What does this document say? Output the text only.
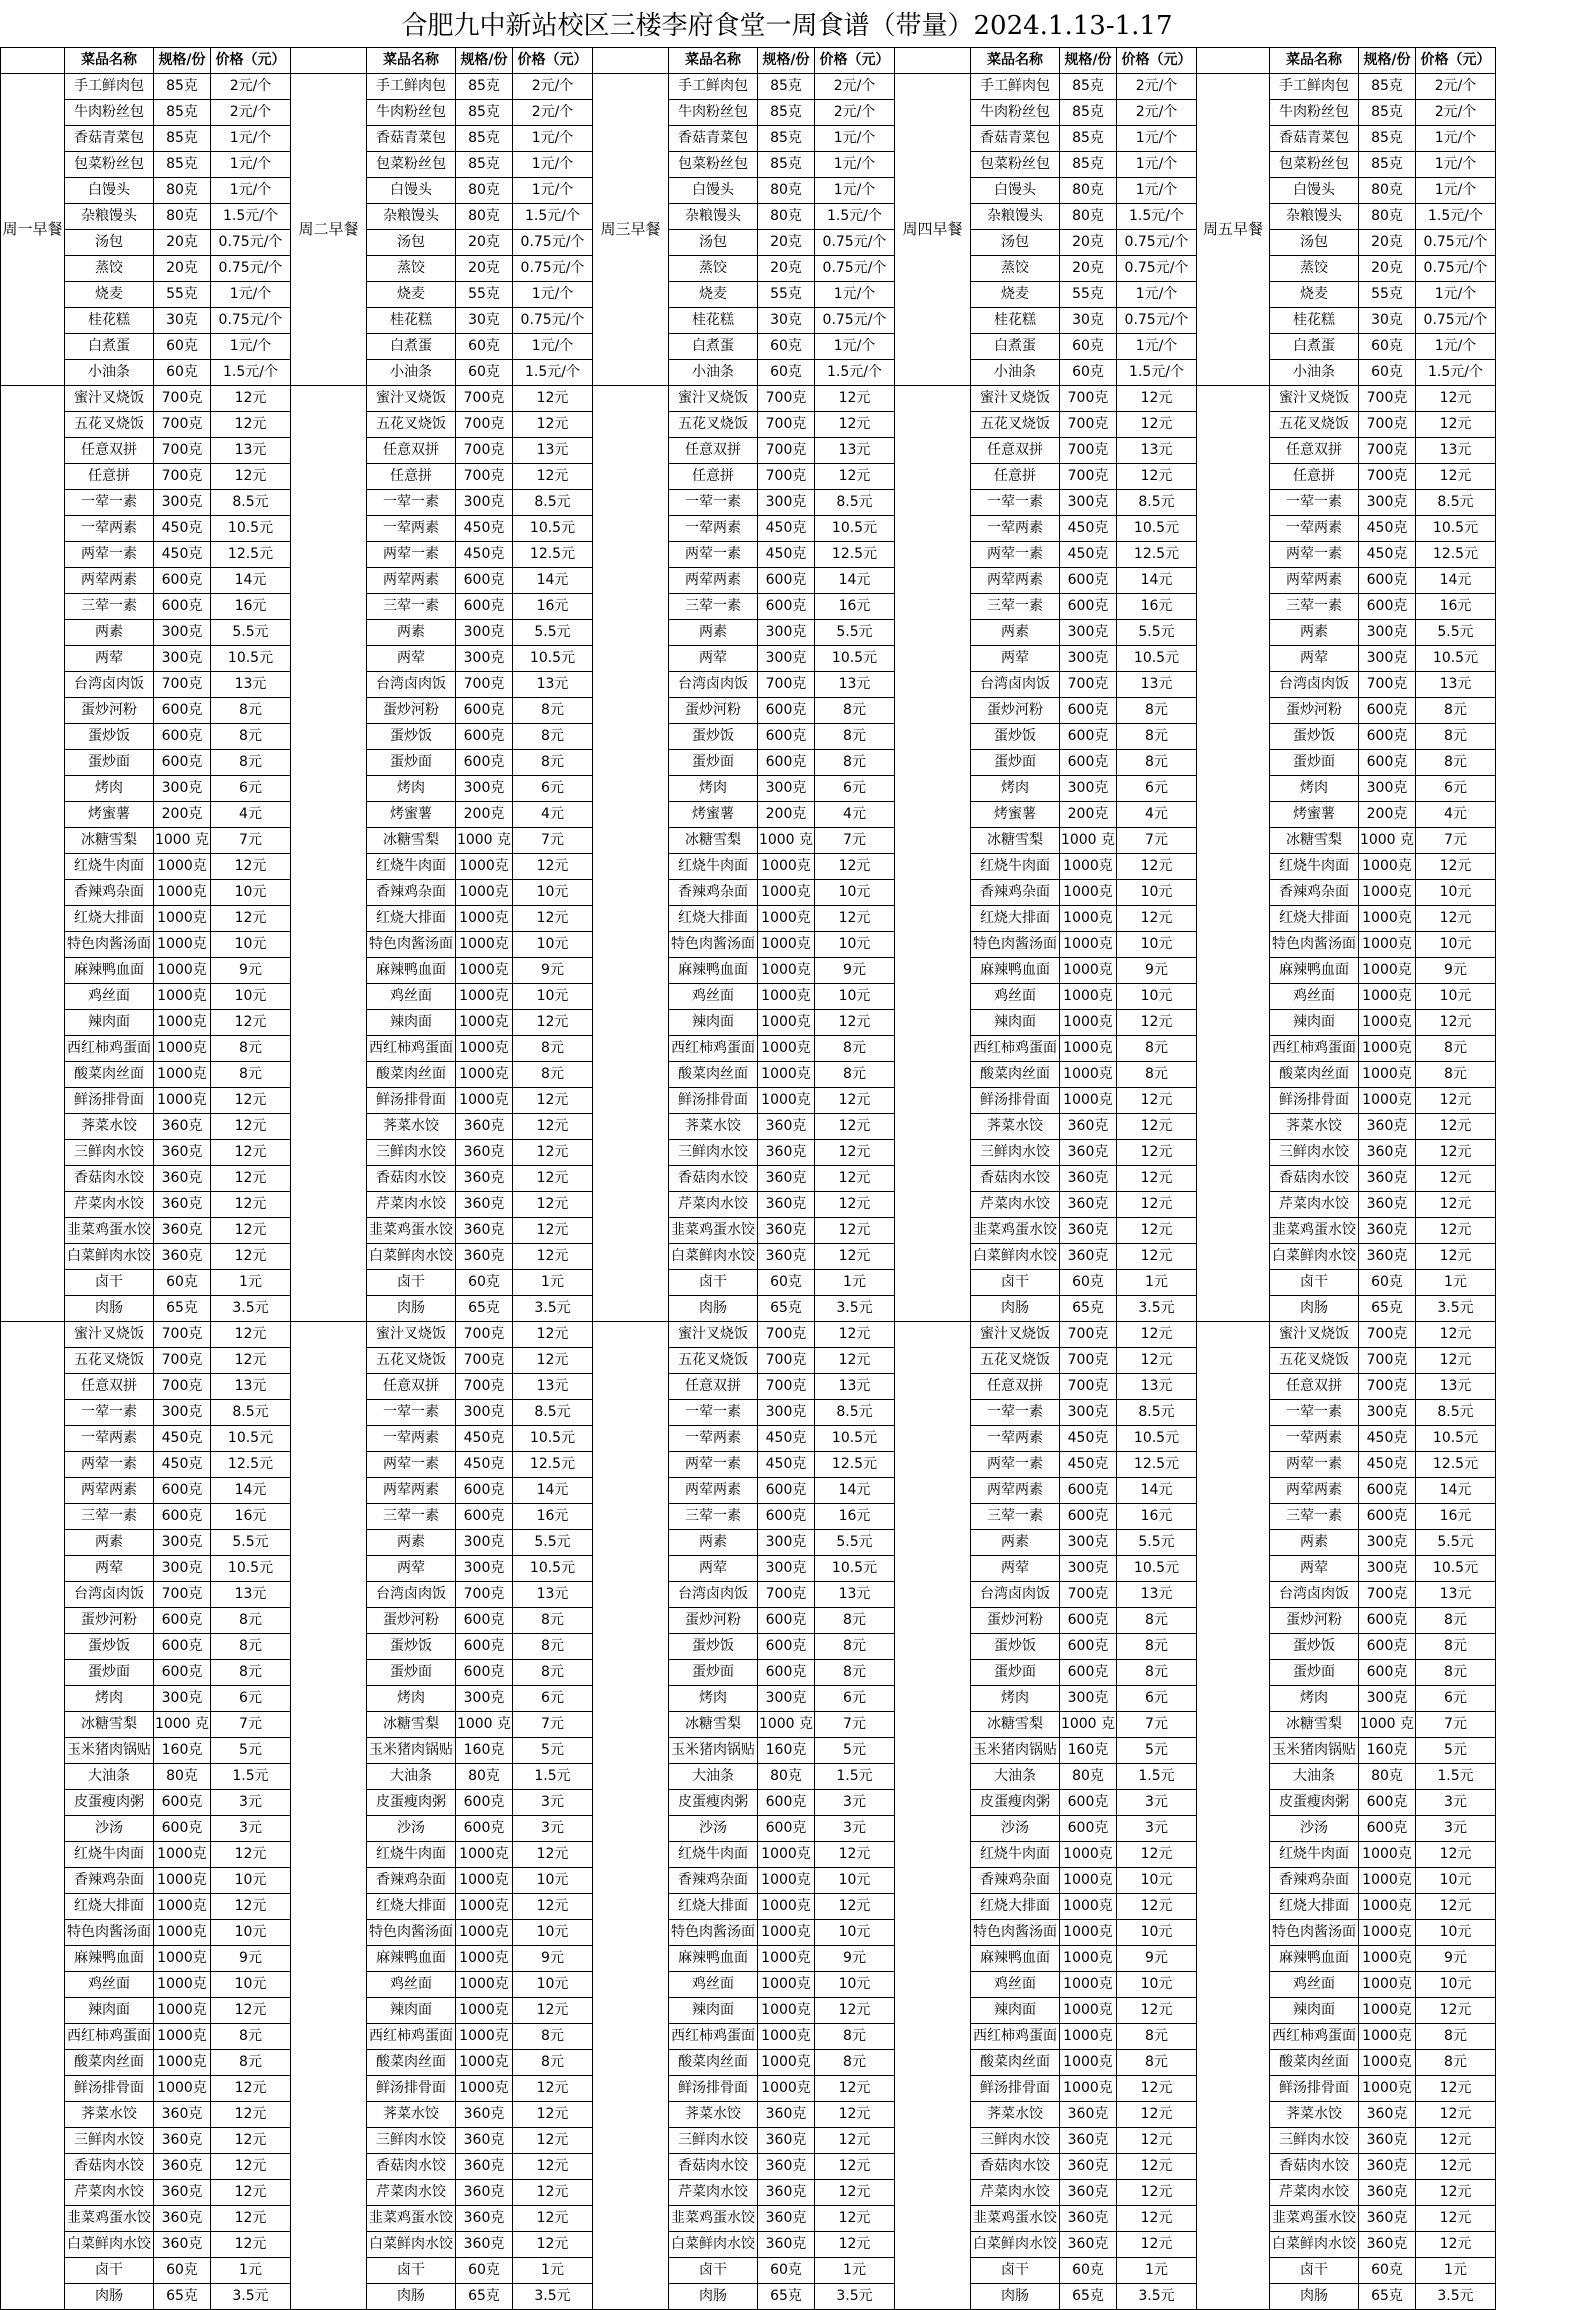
合肥九中新站校区三楼李府食堂一周食谱（带量）2024.1.13-1.17
	菜品名称	规格/份	价格（元）		菜品名称	规格/份	价格（元）		菜品名称	规格/份	价格（元）		菜品名称	规格/份	价格（元）		菜品名称	规格/份	价格（元）
周一早餐	手工鲜肉包	85克	2元/个	周二早餐	手工鲜肉包	85克	2元/个	周三早餐	手工鲜肉包	85克	2元/个	周四早餐	手工鲜肉包	85克	2元/个	周五早餐	手工鲜肉包	85克	2元/个
	牛肉粉丝包	85克	2元/个		牛肉粉丝包	85克	2元/个		牛肉粉丝包	85克	2元/个		牛肉粉丝包	85克	2元/个		牛肉粉丝包	85克	2元/个
	香菇青菜包	85克	1元/个		香菇青菜包	85克	1元/个		香菇青菜包	85克	1元/个		香菇青菜包	85克	1元/个		香菇青菜包	85克	1元/个
	包菜粉丝包	85克	1元/个		包菜粉丝包	85克	1元/个		包菜粉丝包	85克	1元/个		包菜粉丝包	85克	1元/个		包菜粉丝包	85克	1元/个
	白馒头	80克	1元/个		白馒头	80克	1元/个		白馒头	80克	1元/个		白馒头	80克	1元/个		白馒头	80克	1元/个
	杂粮馒头	80克	1.5元/个		杂粮馒头	80克	1.5元/个		杂粮馒头	80克	1.5元/个		杂粮馒头	80克	1.5元/个		杂粮馒头	80克	1.5元/个
	汤包	20克	0.75元/个		汤包	20克	0.75元/个		汤包	20克	0.75元/个		汤包	20克	0.75元/个		汤包	20克	0.75元/个
	蒸饺	20克	0.75元/个		蒸饺	20克	0.75元/个		蒸饺	20克	0.75元/个		蒸饺	20克	0.75元/个		蒸饺	20克	0.75元/个
	烧麦	55克	1元/个		烧麦	55克	1元/个		烧麦	55克	1元/个		烧麦	55克	1元/个		烧麦	55克	1元/个
	桂花糕	30克	0.75元/个		桂花糕	30克	0.75元/个		桂花糕	30克	0.75元/个		桂花糕	30克	0.75元/个		桂花糕	30克	0.75元/个
	白煮蛋	60克	1元/个		白煮蛋	60克	1元/个		白煮蛋	60克	1元/个		白煮蛋	60克	1元/个		白煮蛋	60克	1元/个
	小油条	60克	1.5元/个		小油条	60克	1.5元/个		小油条	60克	1.5元/个		小油条	60克	1.5元/个		小油条	60克	1.5元/个
	蜜汁叉烧饭	700克	12元		蜜汁叉烧饭	700克	12元		蜜汁叉烧饭	700克	12元		蜜汁叉烧饭	700克	12元		蜜汁叉烧饭	700克	12元
	五花叉烧饭	700克	12元		五花叉烧饭	700克	12元		五花叉烧饭	700克	12元		五花叉烧饭	700克	12元		五花叉烧饭	700克	12元
	任意双拼	700克	13元		任意双拼	700克	13元		任意双拼	700克	13元		任意双拼	700克	13元		任意双拼	700克	13元
	任意拼	700克	12元		任意拼	700克	12元		任意拼	700克	12元		任意拼	700克	12元		任意拼	700克	12元
	一荤一素	300克	8.5元		一荤一素	300克	8.5元		一荤一素	300克	8.5元		一荤一素	300克	8.5元		一荤一素	300克	8.5元
	一荤两素	450克	10.5元		一荤两素	450克	10.5元		一荤两素	450克	10.5元		一荤两素	450克	10.5元		一荤两素	450克	10.5元
	两荤一素	450克	12.5元		两荤一素	450克	12.5元		两荤一素	450克	12.5元		两荤一素	450克	12.5元		两荤一素	450克	12.5元
	两荤两素	600克	14元		两荤两素	600克	14元		两荤两素	600克	14元		两荤两素	600克	14元		两荤两素	600克	14元
	三荤一素	600克	16元		三荤一素	600克	16元		三荤一素	600克	16元		三荤一素	600克	16元		三荤一素	600克	16元
	两素	300克	5.5元		两素	300克	5.5元		两素	300克	5.5元		两素	300克	5.5元		两素	300克	5.5元
	两荤	300克	10.5元		两荤	300克	10.5元		两荤	300克	10.5元		两荤	300克	10.5元		两荤	300克	10.5元
	台湾卤肉饭	700克	13元		台湾卤肉饭	700克	13元		台湾卤肉饭	700克	13元		台湾卤肉饭	700克	13元		台湾卤肉饭	700克	13元
	蛋炒河粉	600克	8元		蛋炒河粉	600克	8元		蛋炒河粉	600克	8元		蛋炒河粉	600克	8元		蛋炒河粉	600克	8元
	蛋炒饭	600克	8元		蛋炒饭	600克	8元		蛋炒饭	600克	8元		蛋炒饭	600克	8元		蛋炒饭	600克	8元
	蛋炒面	600克	8元		蛋炒面	600克	8元		蛋炒面	600克	8元		蛋炒面	600克	8元		蛋炒面	600克	8元
	烤肉	300克	6元		烤肉	300克	6元		烤肉	300克	6元		烤肉	300克	6元		烤肉	300克	6元
	烤蜜薯	200克	4元		烤蜜薯	200克	4元		烤蜜薯	200克	4元		烤蜜薯	200克	4元		烤蜜薯	200克	4元
	冰糖雪梨	1000 克	7元		冰糖雪梨	1000 克	7元		冰糖雪梨	1000 克	7元		冰糖雪梨	1000 克	7元		冰糖雪梨	1000 克	7元
	红烧牛肉面	1000克	12元		红烧牛肉面	1000克	12元		红烧牛肉面	1000克	12元		红烧牛肉面	1000克	12元		红烧牛肉面	1000克	12元
	香辣鸡杂面	1000克	10元		香辣鸡杂面	1000克	10元		香辣鸡杂面	1000克	10元		香辣鸡杂面	1000克	10元		香辣鸡杂面	1000克	10元
	红烧大排面	1000克	12元		红烧大排面	1000克	12元		红烧大排面	1000克	12元		红烧大排面	1000克	12元		红烧大排面	1000克	12元
	特色肉酱汤面	1000克	10元		特色肉酱汤面	1000克	10元		特色肉酱汤面	1000克	10元		特色肉酱汤面	1000克	10元		特色肉酱汤面	1000克	10元
	麻辣鸭血面	1000克	9元		麻辣鸭血面	1000克	9元		麻辣鸭血面	1000克	9元		麻辣鸭血面	1000克	9元		麻辣鸭血面	1000克	9元
	鸡丝面	1000克	10元		鸡丝面	1000克	10元		鸡丝面	1000克	10元		鸡丝面	1000克	10元		鸡丝面	1000克	10元
	辣肉面	1000克	12元		辣肉面	1000克	12元		辣肉面	1000克	12元		辣肉面	1000克	12元		辣肉面	1000克	12元
	西红柿鸡蛋面	1000克	8元		西红柿鸡蛋面	1000克	8元		西红柿鸡蛋面	1000克	8元		西红柿鸡蛋面	1000克	8元		西红柿鸡蛋面	1000克	8元
	酸菜肉丝面	1000克	8元		酸菜肉丝面	1000克	8元		酸菜肉丝面	1000克	8元		酸菜肉丝面	1000克	8元		酸菜肉丝面	1000克	8元
	鲜汤排骨面	1000克	12元		鲜汤排骨面	1000克	12元		鲜汤排骨面	1000克	12元		鲜汤排骨面	1000克	12元		鲜汤排骨面	1000克	12元
	荠菜水饺	360克	12元		荠菜水饺	360克	12元		荠菜水饺	360克	12元		荠菜水饺	360克	12元		荠菜水饺	360克	12元
	三鲜肉水饺	360克	12元		三鲜肉水饺	360克	12元		三鲜肉水饺	360克	12元		三鲜肉水饺	360克	12元		三鲜肉水饺	360克	12元
	香菇肉水饺	360克	12元		香菇肉水饺	360克	12元		香菇肉水饺	360克	12元		香菇肉水饺	360克	12元		香菇肉水饺	360克	12元
	芹菜肉水饺	360克	12元		芹菜肉水饺	360克	12元		芹菜肉水饺	360克	12元		芹菜肉水饺	360克	12元		芹菜肉水饺	360克	12元
	韭菜鸡蛋水饺	360克	12元		韭菜鸡蛋水饺	360克	12元		韭菜鸡蛋水饺	360克	12元		韭菜鸡蛋水饺	360克	12元		韭菜鸡蛋水饺	360克	12元
	白菜鲜肉水饺	360克	12元		白菜鲜肉水饺	360克	12元		白菜鲜肉水饺	360克	12元		白菜鲜肉水饺	360克	12元		白菜鲜肉水饺	360克	12元
	卤干	60克	1元		卤干	60克	1元		卤干	60克	1元		卤干	60克	1元		卤干	60克	1元
	肉肠	65克	3.5元		肉肠	65克	3.5元		肉肠	65克	3.5元		肉肠	65克	3.5元		肉肠	65克	3.5元
	蜜汁叉烧饭	700克	12元		蜜汁叉烧饭	700克	12元		蜜汁叉烧饭	700克	12元		蜜汁叉烧饭	700克	12元		蜜汁叉烧饭	700克	12元
	五花叉烧饭	700克	12元		五花叉烧饭	700克	12元		五花叉烧饭	700克	12元		五花叉烧饭	700克	12元		五花叉烧饭	700克	12元
	任意双拼	700克	13元		任意双拼	700克	13元		任意双拼	700克	13元		任意双拼	700克	13元		任意双拼	700克	13元
	一荤一素	300克	8.5元		一荤一素	300克	8.5元		一荤一素	300克	8.5元		一荤一素	300克	8.5元		一荤一素	300克	8.5元
	一荤两素	450克	10.5元		一荤两素	450克	10.5元		一荤两素	450克	10.5元		一荤两素	450克	10.5元		一荤两素	450克	10.5元
	两荤一素	450克	12.5元		两荤一素	450克	12.5元		两荤一素	450克	12.5元		两荤一素	450克	12.5元		两荤一素	450克	12.5元
	两荤两素	600克	14元		两荤两素	600克	14元		两荤两素	600克	14元		两荤两素	600克	14元		两荤两素	600克	14元
	三荤一素	600克	16元		三荤一素	600克	16元		三荤一素	600克	16元		三荤一素	600克	16元		三荤一素	600克	16元
	两素	300克	5.5元		两素	300克	5.5元		两素	300克	5.5元		两素	300克	5.5元		两素	300克	5.5元
	两荤	300克	10.5元		两荤	300克	10.5元		两荤	300克	10.5元		两荤	300克	10.5元		两荤	300克	10.5元
	台湾卤肉饭	700克	13元		台湾卤肉饭	700克	13元		台湾卤肉饭	700克	13元		台湾卤肉饭	700克	13元		台湾卤肉饭	700克	13元
	蛋炒河粉	600克	8元		蛋炒河粉	600克	8元		蛋炒河粉	600克	8元		蛋炒河粉	600克	8元		蛋炒河粉	600克	8元
	蛋炒饭	600克	8元		蛋炒饭	600克	8元		蛋炒饭	600克	8元		蛋炒饭	600克	8元		蛋炒饭	600克	8元
	蛋炒面	600克	8元		蛋炒面	600克	8元		蛋炒面	600克	8元		蛋炒面	600克	8元		蛋炒面	600克	8元
	烤肉	300克	6元		烤肉	300克	6元		烤肉	300克	6元		烤肉	300克	6元		烤肉	300克	6元
	冰糖雪梨	1000 克	7元		冰糖雪梨	1000 克	7元		冰糖雪梨	1000 克	7元		冰糖雪梨	1000 克	7元		冰糖雪梨	1000 克	7元
	玉米猪肉锅贴	160克	5元		玉米猪肉锅贴	160克	5元		玉米猪肉锅贴	160克	5元		玉米猪肉锅贴	160克	5元		玉米猪肉锅贴	160克	5元
	大油条	80克	1.5元		大油条	80克	1.5元		大油条	80克	1.5元		大油条	80克	1.5元		大油条	80克	1.5元
	皮蛋瘦肉粥	600克	3元		皮蛋瘦肉粥	600克	3元		皮蛋瘦肉粥	600克	3元		皮蛋瘦肉粥	600克	3元		皮蛋瘦肉粥	600克	3元
	沙汤	600克	3元		沙汤	600克	3元		沙汤	600克	3元		沙汤	600克	3元		沙汤	600克	3元
	红烧牛肉面	1000克	12元		红烧牛肉面	1000克	12元		红烧牛肉面	1000克	12元		红烧牛肉面	1000克	12元		红烧牛肉面	1000克	12元
	香辣鸡杂面	1000克	10元		香辣鸡杂面	1000克	10元		香辣鸡杂面	1000克	10元		香辣鸡杂面	1000克	10元		香辣鸡杂面	1000克	10元
	红烧大排面	1000克	12元		红烧大排面	1000克	12元		红烧大排面	1000克	12元		红烧大排面	1000克	12元		红烧大排面	1000克	12元
	特色肉酱汤面	1000克	10元		特色肉酱汤面	1000克	10元		特色肉酱汤面	1000克	10元		特色肉酱汤面	1000克	10元		特色肉酱汤面	1000克	10元
	麻辣鸭血面	1000克	9元		麻辣鸭血面	1000克	9元		麻辣鸭血面	1000克	9元		麻辣鸭血面	1000克	9元		麻辣鸭血面	1000克	9元
	鸡丝面	1000克	10元		鸡丝面	1000克	10元		鸡丝面	1000克	10元		鸡丝面	1000克	10元		鸡丝面	1000克	10元
	辣肉面	1000克	12元		辣肉面	1000克	12元		辣肉面	1000克	12元		辣肉面	1000克	12元		辣肉面	1000克	12元
	西红柿鸡蛋面	1000克	8元		西红柿鸡蛋面	1000克	8元		西红柿鸡蛋面	1000克	8元		西红柿鸡蛋面	1000克	8元		西红柿鸡蛋面	1000克	8元
	酸菜肉丝面	1000克	8元		酸菜肉丝面	1000克	8元		酸菜肉丝面	1000克	8元		酸菜肉丝面	1000克	8元		酸菜肉丝面	1000克	8元
	鲜汤排骨面	1000克	12元		鲜汤排骨面	1000克	12元		鲜汤排骨面	1000克	12元		鲜汤排骨面	1000克	12元		鲜汤排骨面	1000克	12元
	荠菜水饺	360克	12元		荠菜水饺	360克	12元		荠菜水饺	360克	12元		荠菜水饺	360克	12元		荠菜水饺	360克	12元
	三鲜肉水饺	360克	12元		三鲜肉水饺	360克	12元		三鲜肉水饺	360克	12元		三鲜肉水饺	360克	12元		三鲜肉水饺	360克	12元
	香菇肉水饺	360克	12元		香菇肉水饺	360克	12元		香菇肉水饺	360克	12元		香菇肉水饺	360克	12元		香菇肉水饺	360克	12元
	芹菜肉水饺	360克	12元		芹菜肉水饺	360克	12元		芹菜肉水饺	360克	12元		芹菜肉水饺	360克	12元		芹菜肉水饺	360克	12元
	韭菜鸡蛋水饺	360克	12元		韭菜鸡蛋水饺	360克	12元		韭菜鸡蛋水饺	360克	12元		韭菜鸡蛋水饺	360克	12元		韭菜鸡蛋水饺	360克	12元
	白菜鲜肉水饺	360克	12元		白菜鲜肉水饺	360克	12元		白菜鲜肉水饺	360克	12元		白菜鲜肉水饺	360克	12元		白菜鲜肉水饺	360克	12元
	卤干	60克	1元		卤干	60克	1元		卤干	60克	1元		卤干	60克	1元		卤干	60克	1元
	肉肠	65克	3.5元		肉肠	65克	3.5元		肉肠	65克	3.5元		肉肠	65克	3.5元		肉肠	65克	3.5元
